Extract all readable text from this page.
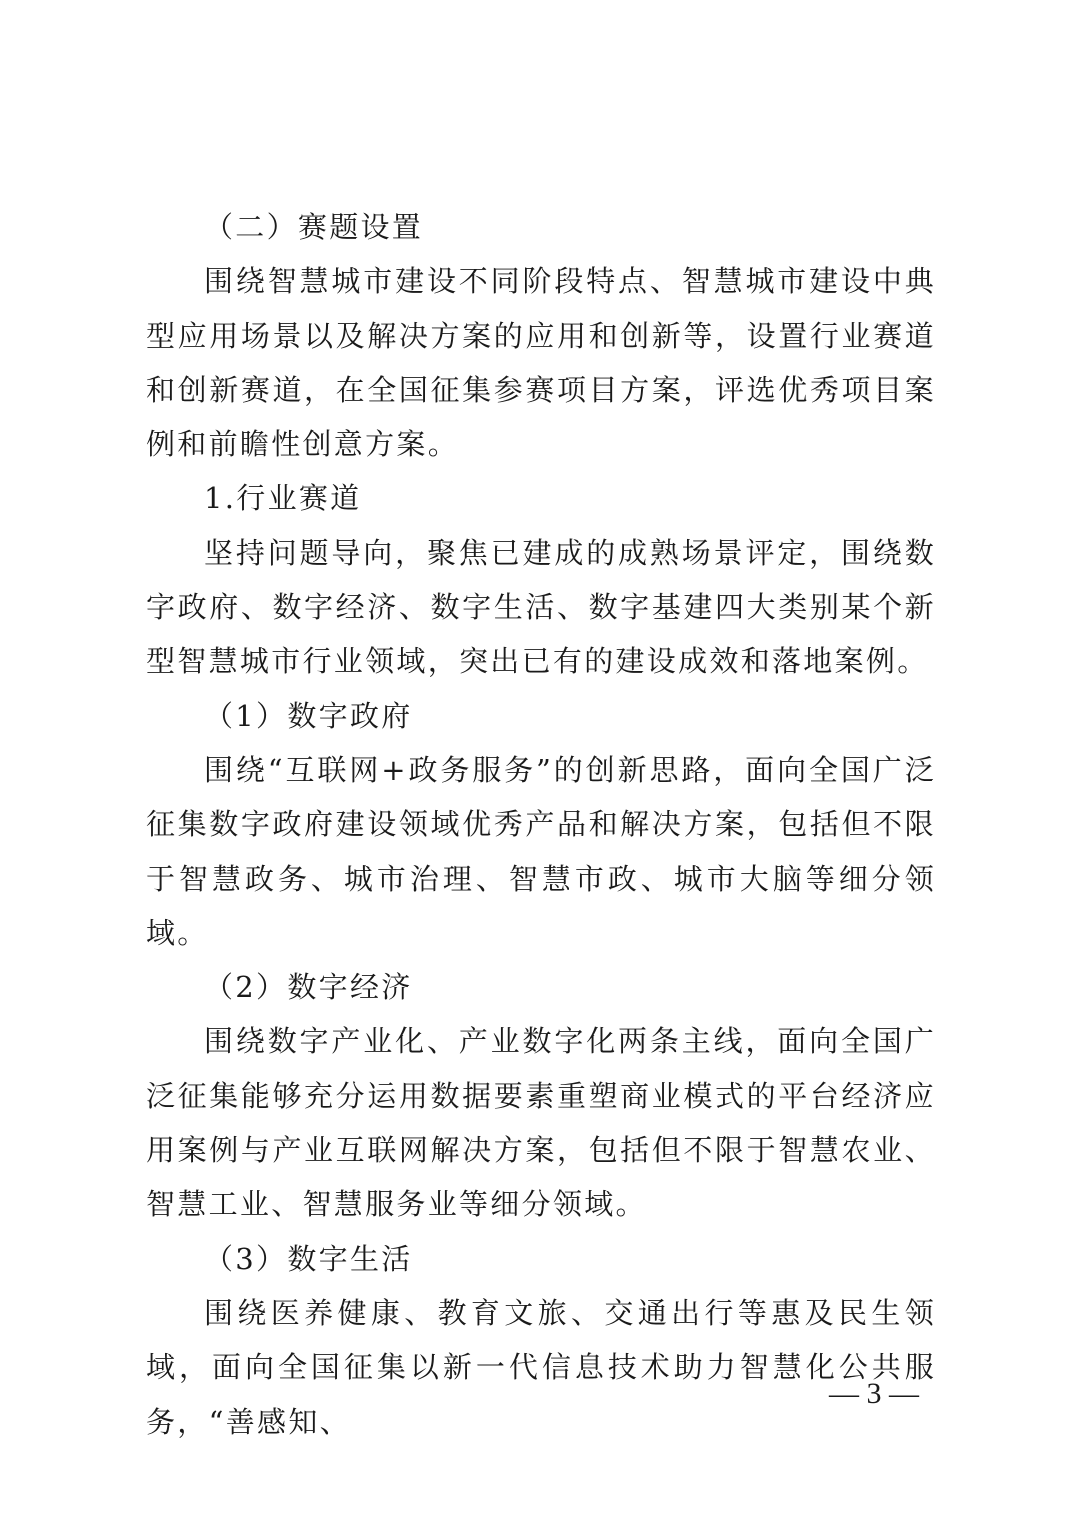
（二）赛题设置

围绕智慧城市建设不同阶段特点、智慧城市建设中典型应用场景以及解决方案的应用和创新等，设置行业赛道和创新赛道，在全国征集参赛项目方案，评选优秀项目案例和前瞻性创意方案。

1.行业赛道

坚持问题导向，聚焦已建成的成熟场景评定，围绕数字政府、数字经济、数字生活、数字基建四大类别某个新型智慧城市行业领域，突出已有的建设成效和落地案例。

（1）数字政府

围绕“互联网+政务服务”的创新思路，面向全国广泛征集数字政府建设领域优秀产品和解决方案，包括但不限于智慧政务、城市治理、智慧市政、城市大脑等细分领域。

（2）数字经济

围绕数字产业化、产业数字化两条主线，面向全国广泛征集能够充分运用数据要素重塑商业模式的平台经济应用案例与产业互联网解决方案，包括但不限于智慧农业、智慧工业、智慧服务业等细分领域。

（3）数字生活

围绕医养健康、教育文旅、交通出行等惠及民生领域，面向全国征集以新一代信息技术助力智慧化公共服务，“善感知、

— 3 —
